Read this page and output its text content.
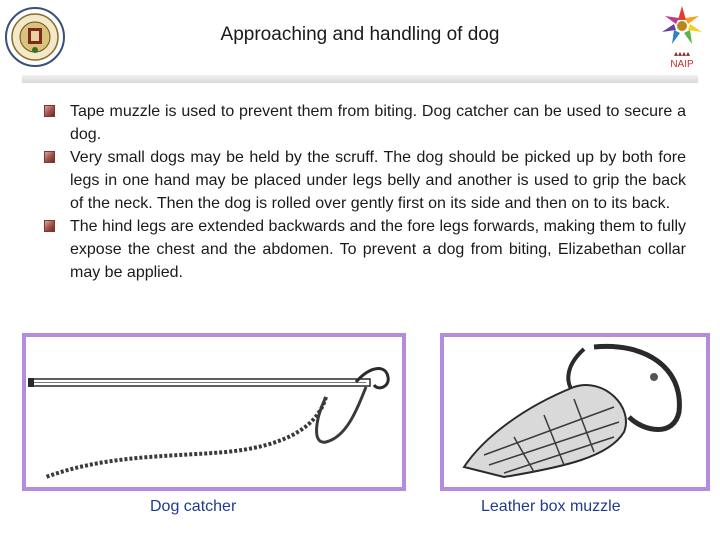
Approaching and handling of dog
▴▴▴▴
NAIP
Tape muzzle is used to prevent them from biting. Dog catcher can be used to secure a dog.
Very small dogs may be held by the scruff. The dog should be picked up by both fore legs in one hand may be placed under legs belly and another is used to grip the back of the neck. Then the dog is rolled over gently first on its side and then on to its back.
The hind legs are extended backwards and the fore legs forwards, making them to fully expose the chest and the abdomen. To prevent a dog from biting, Elizabethan collar may be applied.
Dog catcher	Leather box muzzle
